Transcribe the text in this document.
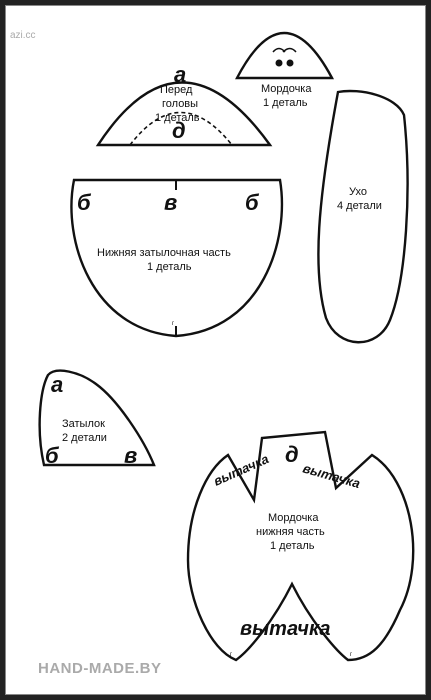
azi.cc
HAND-MADE.BY
а
Перед
головы
1 деталь
д
Мордочка
1 деталь
Ухо
4 детали
б	в	б
Нижняя затылочная часть
1 деталь
г
а
Затылок
2 детали
б	в	д
вытачка вытачка
Мордочка
нижняя часть
1 деталь
вытачка
г	г
